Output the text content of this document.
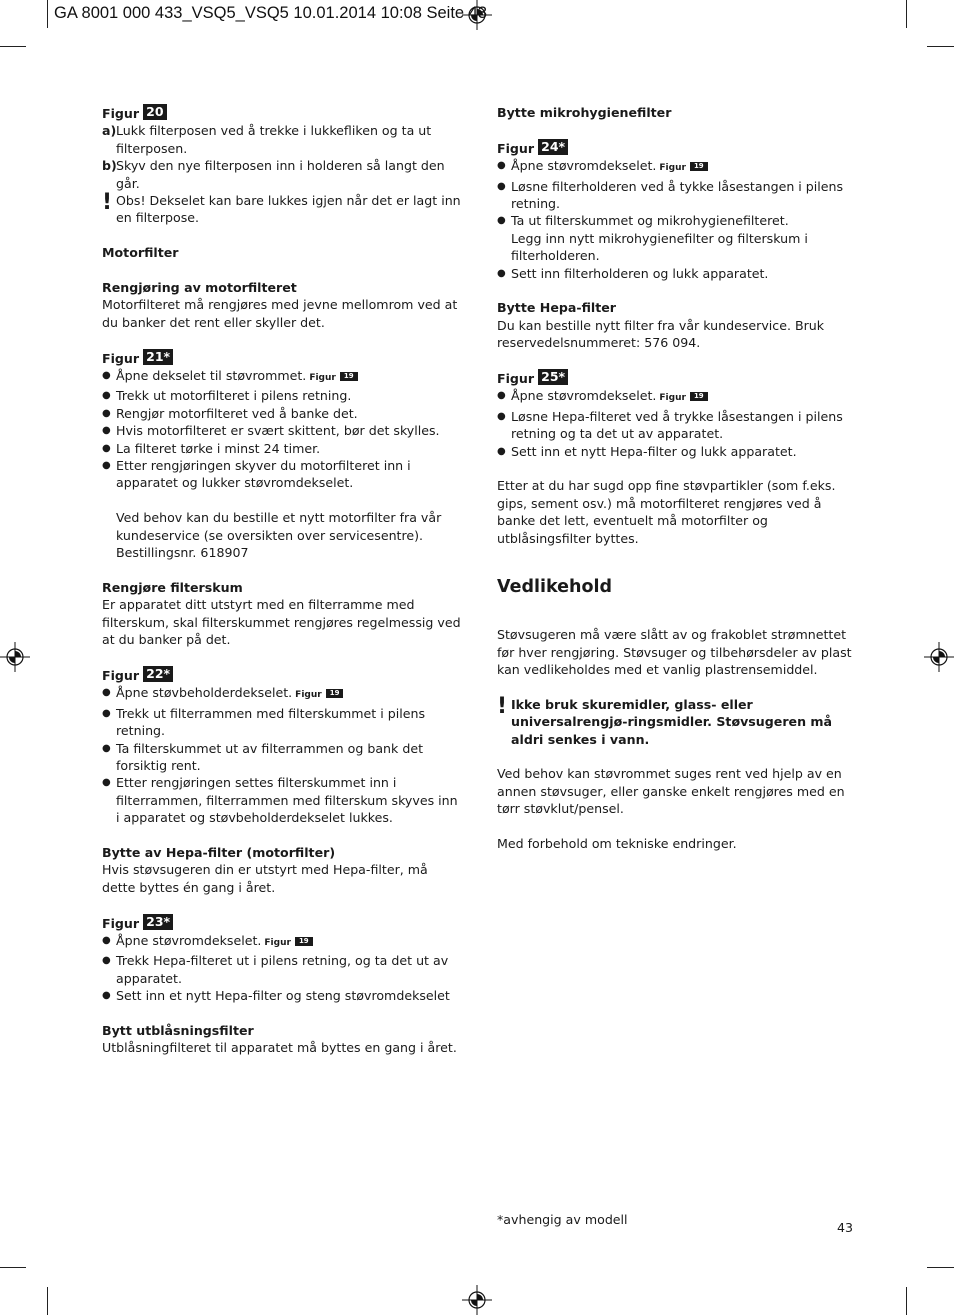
GA 8001 000 433_VSQ5_VSQ5 10.01.2014 10:08 Seite 43

Figur 20

a) Lukk filterposen ved å trekke i lukkefliken og ta ut filterposen.
b) Skyv den nye filterposen inn i holderen så langt den går.
! Obs! Dekselet kan bare lukkes igjen når det er lagt inn en filterpose.

Motorfilter

Rengjøring av motorfilteret

Motorfilteret må rengjøres med jevne mellomrom ved at du banker det rent eller skyller det.

Figur 21*

● Åpne dekselet til støvrommet. Figur 19
● Trekk ut motorfilteret i pilens retning.
● Rengjør motorfilteret ved å banke det.
● Hvis motorfilteret er svært skittent, bør det skylles.
● La filteret tørke i minst 24 timer.
● Etter rengjøringen skyver du motorfilteret inn i apparatet og lukker støvromdekselet.

Ved behov kan du bestille et nytt motorfilter fra vår kundeservice (se oversikten over servicesentre). Bestillingsnr. 618907

Rengjøre filterskum

Er apparatet ditt utstyrt med en filterramme med filterskum, skal filterskummet rengjøres regelmessig ved at du banker på det.

Figur 22*

● Åpne støvbeholderdekselet. Figur 19
● Trekk ut filterrammen med filterskummet i pilens retning.
● Ta filterskummet ut av filterrammen og bank det forsiktig rent.
● Etter rengjøringen settes filterskummet inn i filterrammen, filterrammen med filterskum skyves inn i apparatet og støvbeholderdekselet lukkes.

Bytte av Hepa-filter (motorfilter)

Hvis støvsugeren din er utstyrt med Hepa-filter, må dette byttes én gang i året.

Figur 23*

● Åpne støvromdekselet. Figur 19
● Trekk Hepa-filteret ut i pilens retning, og ta det ut av apparatet.
● Sett inn et nytt Hepa-filter og steng støvromdekselet

Bytt utblåsningsfilter

Utblåsningfilteret til apparatet må byttes en gang i året.

Bytte mikrohygienefilter

Figur 24*

● Åpne støvromdekselet. Figur 19
● Løsne filterholderen ved å tykke låsestangen i pilens retning.
● Ta ut filterskummet og mikrohygienefilteret.
Legg inn nytt mikrohygienefilter og filterskum i filterholderen.
● Sett inn filterholderen og lukk apparatet.

Bytte Hepa-filter

Du kan bestille nytt filter fra vår kundeservice. Bruk reservedelsnummeret: 576 094.

Figur 25*

● Åpne støvromdekselet. Figur 19
● Løsne Hepa-filteret ved å trykke låsestangen i pilens retning og ta det ut av apparatet.
● Sett inn et nytt Hepa-filter og lukk apparatet.

Etter at du har sugd opp fine støvpartikler (som f.eks. gips, sement osv.) må motorfilteret rengjøres ved å banke det lett, eventuelt må motorfilter og utblåsingsfilter byttes.

Vedlikehold

Støvsugeren må være slått av og frakoblet strømnettet før hver rengjøring. Støvsuger og tilbehørsdeler av plast kan vedlikeholdes med et vanlig plastrensemiddel.

! Ikke bruk skuremidler, glass- eller universalrengjø-ringsmidler. Støvsugeren må aldri senkes i vann.

Ved behov kan støvrommet suges rent ved hjelp av en annen støvsuger, eller ganske enkelt rengjøres med en tørr støvklut/pensel.

Med forbehold om tekniske endringer.

*avhengig av modell
43
